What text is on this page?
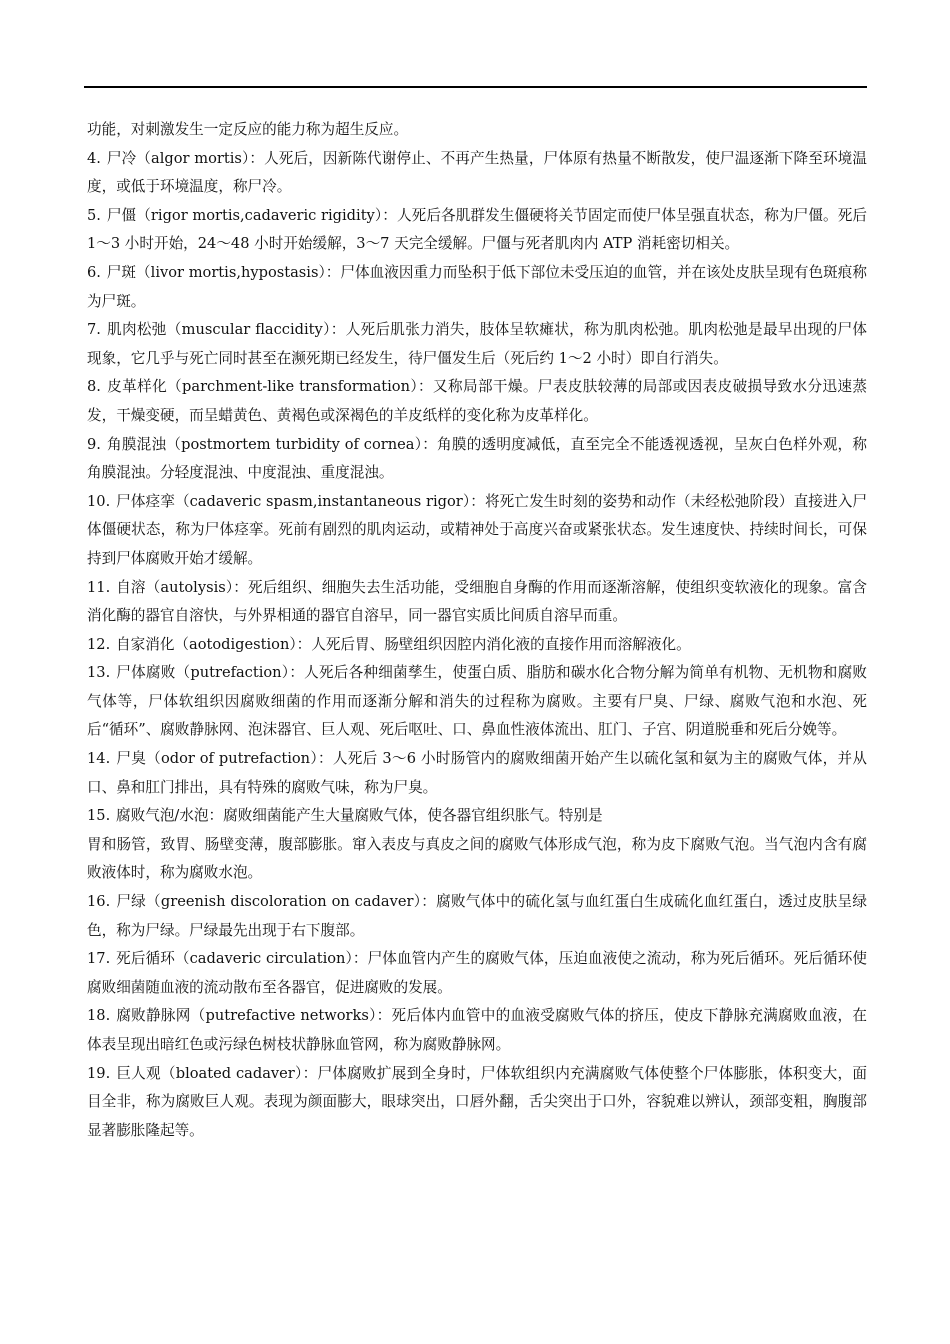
功能，对刺激发生一定反应的能力称为超生反应。

4. 尸冷（algor mortis）：人死后，因新陈代谢停止、不再产生热量，尸体原有热量不断散发，使尸温逐渐下降至环境温度，或低于环境温度，称尸冷。

5. 尸僵（rigor mortis,cadaveric rigidity）：人死后各肌群发生僵硬将关节固定而使尸体呈强直状态，称为尸僵。死后 1～3 小时开始，24～48 小时开始缓解，3～7 天完全缓解。尸僵与死者肌肉内 ATP 消耗密切相关。

6. 尸斑（livor mortis,hypostasis）：尸体血液因重力而坠积于低下部位未受压迫的血管，并在该处皮肤呈现有色斑痕称为尸斑。

7. 肌肉松弛（muscular flaccidity）：人死后肌张力消失，肢体呈软瘫状，称为肌肉松弛。肌肉松弛是最早出现的尸体现象，它几乎与死亡同时甚至在濒死期已经发生，待尸僵发生后（死后约 1～2 小时）即自行消失。

8. 皮革样化（parchment-like transformation）：又称局部干燥。尸表皮肤较薄的局部或因表皮破损导致水分迅速蒸发，干燥变硬，而呈蜡黄色、黄褐色或深褐色的羊皮纸样的变化称为皮革样化。

9. 角膜混浊（postmortem turbidity of cornea）：角膜的透明度减低，直至完全不能透视透视，呈灰白色样外观，称角膜混浊。分轻度混浊、中度混浊、重度混浊。

10. 尸体痉挛（cadaveric spasm,instantaneous rigor）：将死亡发生时刻的姿势和动作（未经松弛阶段）直接进入尸体僵硬状态，称为尸体痉挛。死前有剧烈的肌肉运动，或精神处于高度兴奋或紧张状态。发生速度快、持续时间长，可保持到尸体腐败开始才缓解。

11. 自溶（autolysis）：死后组织、细胞失去生活功能，受细胞自身酶的作用而逐渐溶解，使组织变软液化的现象。富含消化酶的器官自溶快，与外界相通的器官自溶早，同一器官实质比间质自溶早而重。

12. 自家消化（aotodigestion）：人死后胃、肠壁组织因腔内消化液的直接作用而溶解液化。

13. 尸体腐败（putrefaction）：人死后各种细菌孳生，使蛋白质、脂肪和碳水化合物分解为简单有机物、无机物和腐败气体等，尸体软组织因腐败细菌的作用而逐渐分解和消失的过程称为腐败。主要有尸臭、尸绿、腐败气泡和水泡、死后“循环”、腐败静脉网、泡沫器官、巨人观、死后呕吐、口、鼻血性液体流出、肛门、子宫、阴道脱垂和死后分娩等。

14. 尸臭（odor of putrefaction）：人死后 3～6 小时肠管内的腐败细菌开始产生以硫化氢和氨为主的腐败气体，并从口、鼻和肛门排出，具有特殊的腐败气味，称为尸臭。

15. 腐败气泡/水泡：腐败细菌能产生大量腐败气体，使各器官组织胀气。特别是

胃和肠管，致胃、肠壁变薄，腹部膨胀。窜入表皮与真皮之间的腐败气体形成气泡，称为皮下腐败气泡。当气泡内含有腐败液体时，称为腐败水泡。

16. 尸绿（greenish discoloration on cadaver）：腐败气体中的硫化氢与血红蛋白生成硫化血红蛋白，透过皮肤呈绿色，称为尸绿。尸绿最先出现于右下腹部。

17. 死后循环（cadaveric circulation）：尸体血管内产生的腐败气体，压迫血液使之流动，称为死后循环。死后循环使腐败细菌随血液的流动散布至各器官，促进腐败的发展。

18. 腐败静脉网（putrefactive networks）：死后体内血管中的血液受腐败气体的挤压，使皮下静脉充满腐败血液，在体表呈现出暗红色或污绿色树枝状静脉血管网，称为腐败静脉网。

19. 巨人观（bloated cadaver）：尸体腐败扩展到全身时，尸体软组织内充满腐败气体使整个尸体膨胀，体积变大，面目全非，称为腐败巨人观。表现为颜面膨大，眼球突出，口唇外翻，舌尖突出于口外，容貌难以辨认，颈部变粗，胸腹部显著膨胀隆起等。
